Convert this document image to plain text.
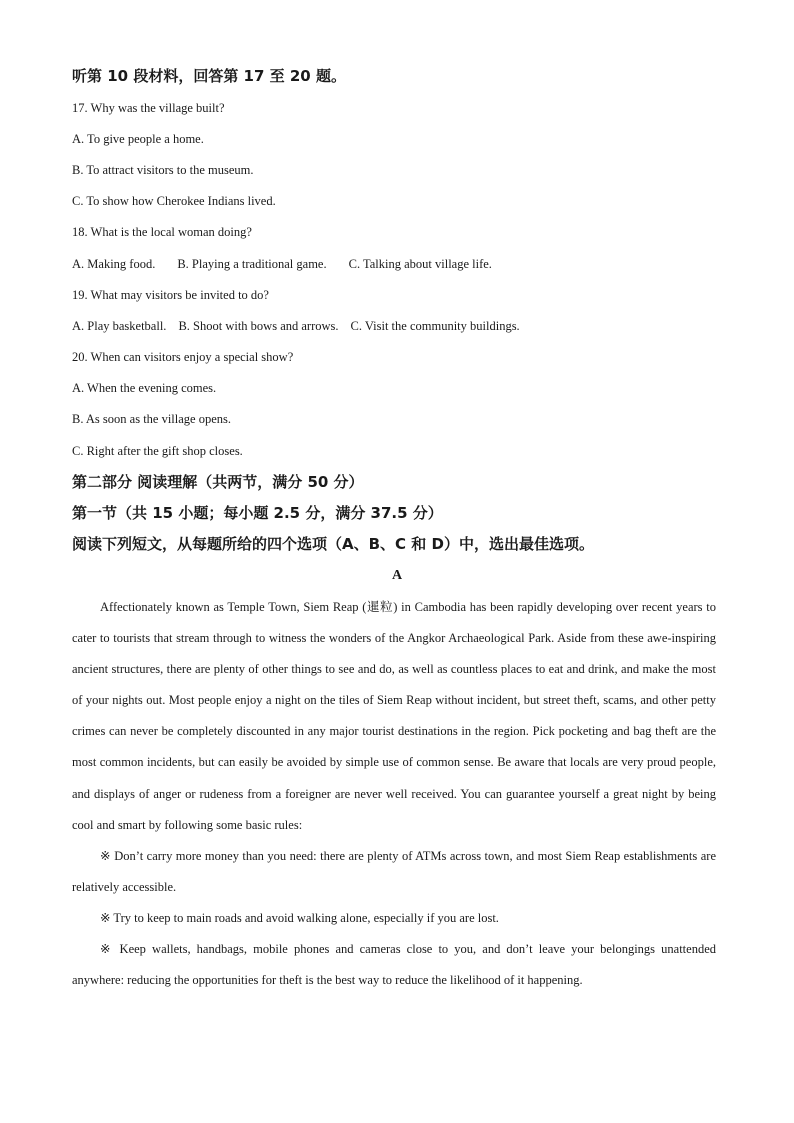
听第 10 段材料，回答第 17 至 20 题。
17. Why was the village built?
A. To give people a home.
B. To attract visitors to the museum.
C. To show how Cherokee Indians lived.
18. What is the local woman doing?
A. Making food. B. Playing a traditional game. C. Talking about village life.
19. What may visitors be invited to do?
A. Play basketball. B. Shoot with bows and arrows. C. Visit the community buildings.
20. When can visitors enjoy a special show?
A. When the evening comes.
B. As soon as the village opens.
C. Right after the gift shop closes.
第二部分 阅读理解（共两节，满分 50 分）
第一节（共 15 小题；每小题 2.5 分，满分 37.5 分）
阅读下列短文，从每题所给的四个选项（A、B、C 和 D）中，选出最佳选项。
A

Affectionately known as Temple Town, Siem Reap (暹粒) in Cambodia has been rapidly developing over recent years to cater to tourists that stream through to witness the wonders of the Angkor Archaeological Park. Aside from these awe-inspiring ancient structures, there are plenty of other things to see and do, as well as countless places to eat and drink, and make the most of your nights out. Most people enjoy a night on the tiles of Siem Reap without incident, but street theft, scams, and other petty crimes can never be completely discounted in any major tourist destinations in the region. Pick pocketing and bag theft are the most common incidents, but can easily be avoided by simple use of common sense. Be aware that locals are very proud people, and displays of anger or rudeness from a foreigner are never well received. You can guarantee yourself a great night by being cool and smart by following some basic rules:

※ Don’t carry more money than you need: there are plenty of ATMs across town, and most Siem Reap establishments are relatively accessible.

※ Try to keep to main roads and avoid walking alone, especially if you are lost.

※ Keep wallets, handbags, mobile phones and cameras close to you, and don’t leave your belongings unattended anywhere: reducing the opportunities for theft is the best way to reduce the likelihood of it happening.
